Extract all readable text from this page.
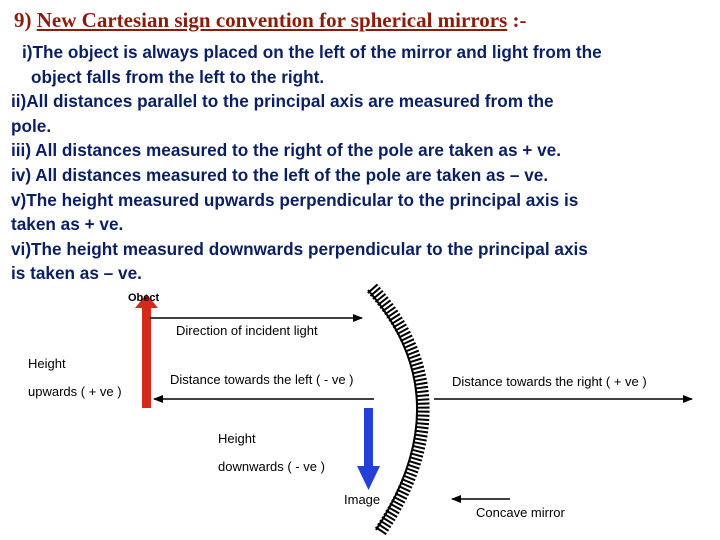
9) New Cartesian sign convention for spherical mirrors :-

i)The object is always placed on the left of the mirror and light from the

object falls from the left to the right.

ii)All distances parallel to the principal axis are measured from the

pole.

iii) All distances measured to the right of the pole are taken as + ve.

iv) All distances measured to the left of the pole are taken as – ve.

v)The height measured upwards perpendicular to the principal axis is

taken as + ve.

vi)The height measured downwards perpendicular to the principal axis

is taken as – ve.

Obect
Direction of incident light
Height
upwards ( + ve )
Distance towards the left ( - ve )	Distance towards the right ( + ve )
Height
downwards ( - ve )
Image
Concave mirror
